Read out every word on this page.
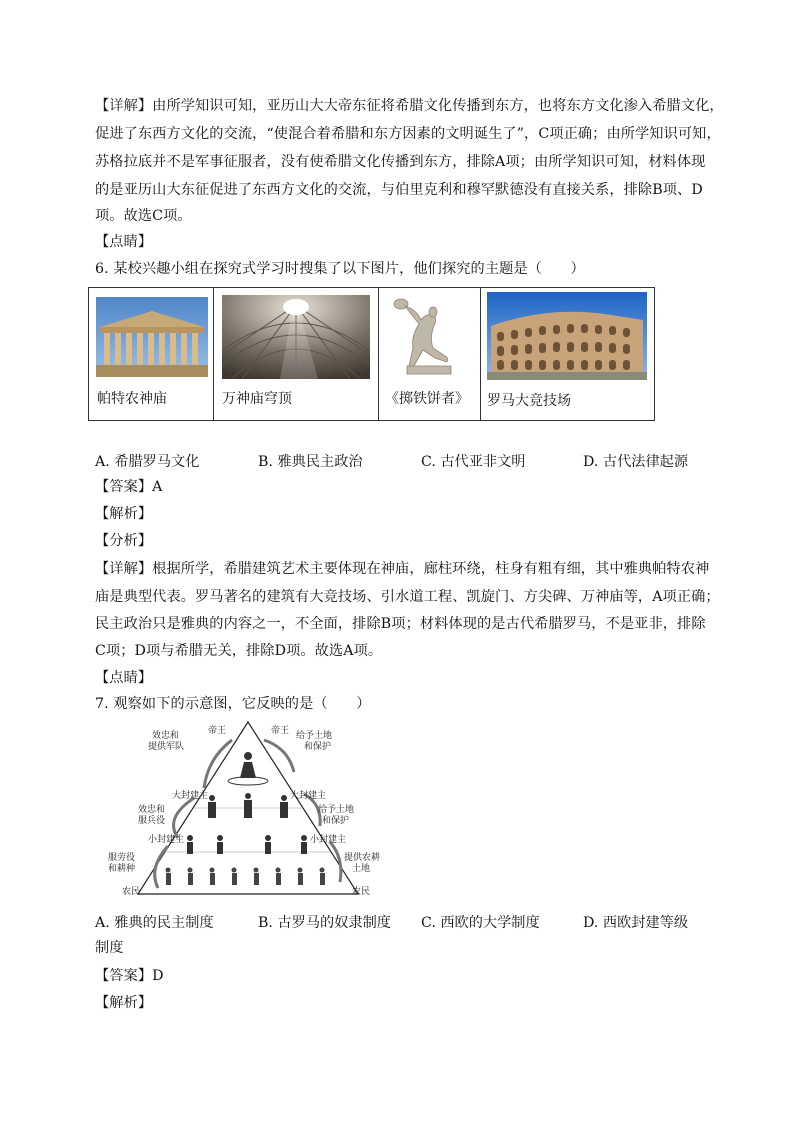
【详解】由所学知识可知，亚历山大大帝东征将希腊文化传播到东方，也将东方文化渗入希腊文化，
促进了东西方文化的交流，“使混合着希腊和东方因素的文明诞生了”，C项正确；由所学知识可知，
苏格拉底并不是军事征服者，没有使希腊文化传播到东方，排除A项；由所学知识可知，材料体现
的是亚历山大东征促进了东西方文化的交流，与伯里克利和穆罕默德没有直接关系，排除B项、D
项。故选C项。
【点睛】
6. 某校兴趣小组在探究式学习时搜集了以下图片，他们探究的主题是（　　）
帕特农神庙	万神庙穹顶	《掷铁饼者》 罗马大竞技场
A. 希腊罗马文化	B. 雅典民主政治	C. 古代亚非文明	D. 古代法律起源
【答案】A
【解析】
【分析】
【详解】根据所学，希腊建筑艺术主要体现在神庙，廊柱环绕，柱身有粗有细，其中雅典帕特农神
庙是典型代表。罗马著名的建筑有大竞技场、引水道工程、凯旋门、方尖碑、万神庙等，A项正确；
民主政治只是雅典的内容之一，不全面，排除B项；材料体现的是古代希腊罗马，不是亚非，排除
C项；D项与希腊无关，排除D项。故选A项。
【点睛】
7. 观察如下的示意图，它反映的是（　　）
帝王	帝王
效忠和
提供军队
给予土地
和保护
大封建主	大封建主
效忠和
服兵役
给予土地
和保护
小封建主	小封建主
服劳役
和耕种
提供农耕
土地
农民	农民
A. 雅典的民主制度	B. 古罗马的奴隶制度 C. 西欧的大学制度	D. 西欧封建等级
制度
【答案】D
【解析】
